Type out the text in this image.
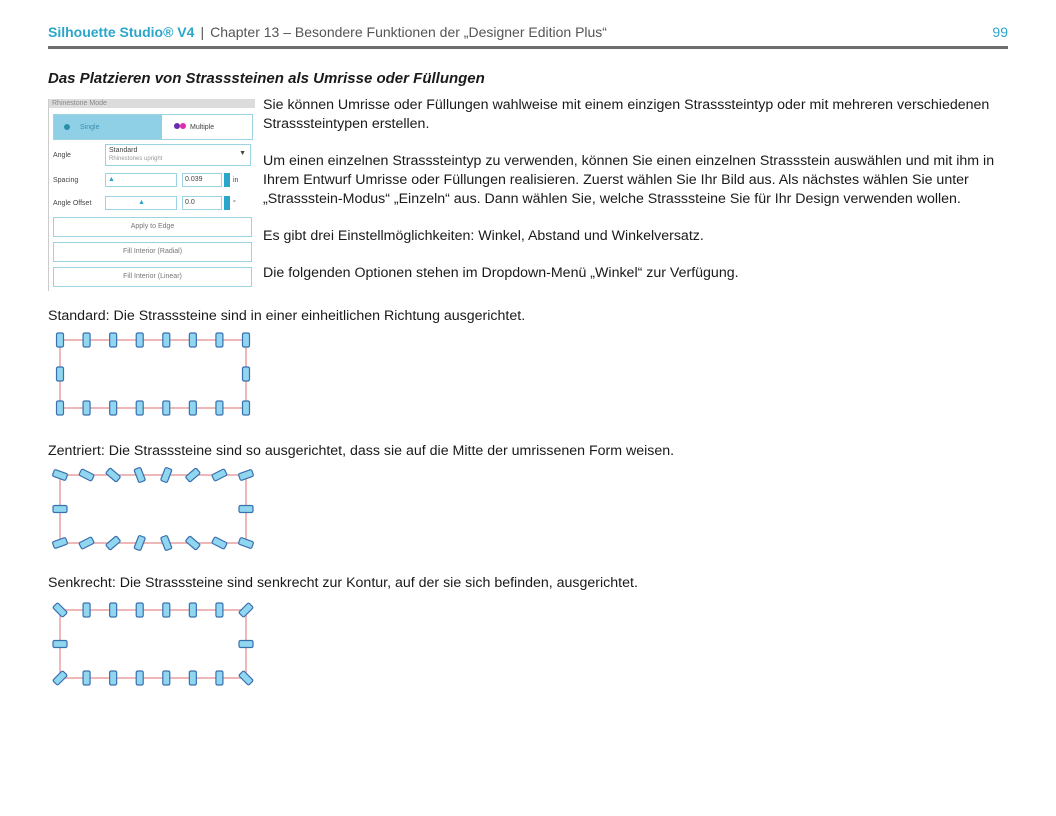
Silhouette Studio® V4 | Chapter 13 – Besondere Funktionen der „Designer Edition Plus“	99
Das Platzieren von Strasssteinen als Umrisse oder Füllungen
Rhinestone Mode
Single	Multiple
Angle
Standard
Rhinestones upright
▼
Spacing	▲	0.039	in
Angle Offset	▲	0.0	°
Apply to Edge
Fill Interior (Radial)
Fill Interior (Linear)

Sie können Umrisse oder Füllungen wahlweise mit einem einzigen Strasssteintyp oder mit mehreren verschiedenen Strasssteintypen erstellen.

Um einen einzelnen Strasssteintyp zu verwenden, können Sie einen einzelnen Strassstein auswählen und mit ihm in Ihrem Entwurf Umrisse oder Füllungen realisieren. Zuerst wählen Sie Ihr Bild aus. Als nächstes wählen Sie unter „Strassstein-Modus“ „Einzeln“ aus. Dann wählen Sie, welche Strasssteine Sie für Ihr Design verwenden wollen.

Es gibt drei Einstellmöglichkeiten: Winkel, Abstand und Winkelversatz.

Die folgenden Optionen stehen im Dropdown-Menü „Winkel“ zur Verfügung.

Standard: Die Strasssteine sind in einer einheitlichen Richtung ausgerichtet.
Zentriert: Die Strasssteine sind so ausgerichtet, dass sie auf die Mitte der umrissenen Form weisen.
Senkrecht: Die Strasssteine sind senkrecht zur Kontur, auf der sie sich befinden, ausgerichtet.
